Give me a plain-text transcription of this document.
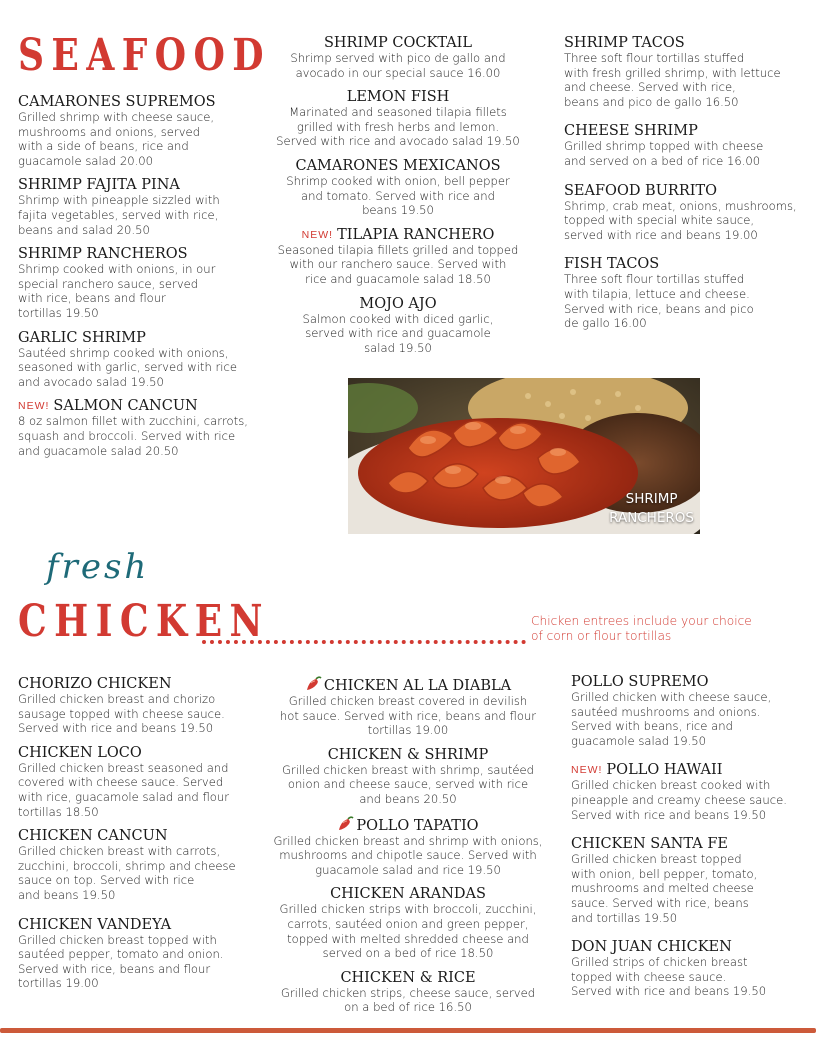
SEAFOOD
CAMARONES SUPREMOS
Grilled shrimp with cheese sauce,
mushrooms and onions, served
with a side of beans, rice and
guacamole salad 20.00
SHRIMP FAJITA PINA
Shrimp with pineapple sizzled with
fajita vegetables, served with rice,
beans and salad 20.50
SHRIMP RANCHEROS
Shrimp cooked with onions, in our
special ranchero sauce, served
with rice, beans and flour
tortillas 19.50
GARLIC SHRIMP
Sautéed shrimp cooked with onions,
seasoned with garlic, served with rice
and avocado salad 19.50
NEW! SALMON CANCUN
8 oz salmon fillet with zucchini, carrots,
squash and broccoli. Served with rice
and guacamole salad 20.50
SHRIMP COCKTAIL
Shrimp served with pico de gallo and
avocado in our special sauce 16.00
LEMON FISH
Marinated and seasoned tilapia fillets
grilled with fresh herbs and lemon.
Served with rice and avocado salad 19.50
CAMARONES MEXICANOS
Shrimp cooked with onion, bell pepper
and tomato. Served with rice and
beans 19.50
NEW! TILAPIA RANCHERO
Seasoned tilapia fillets grilled and topped
with our ranchero sauce. Served with
rice and guacamole salad 18.50
MOJO AJO
Salmon cooked with diced garlic,
served with rice and guacamole
salad 19.50
SHRIMP TACOS
Three soft flour tortillas stuffed
with fresh grilled shrimp, with lettuce
and cheese. Served with rice,
beans and pico de gallo 16.50
CHEESE SHRIMP
Grilled shrimp topped with cheese
and served on a bed of rice 16.00
SEAFOOD BURRITO
Shrimp, crab meat, onions, mushrooms,
topped with special white sauce,
served with rice and beans 19.00
FISH TACOS
Three soft flour tortillas stuffed
with tilapia, lettuce and cheese.
Served with rice, beans and pico
de gallo 16.00
SHRIMP
RANCHEROS
fresh
CHICKEN	Chicken entrees include your choice
of corn or flour tortillas
CHORIZO CHICKEN
Grilled chicken breast and chorizo
sausage topped with cheese sauce.
Served with rice and beans 19.50
CHICKEN LOCO
Grilled chicken breast seasoned and
covered with cheese sauce. Served
with rice, guacamole salad and flour
tortillas 18.50
CHICKEN CANCUN
Grilled chicken breast with carrots,
zucchini, broccoli, shrimp and cheese
sauce on top. Served with rice
and beans 19.50
CHICKEN VANDEYA
Grilled chicken breast topped with
sautéed pepper, tomato and onion.
Served with rice, beans and flour
tortillas 19.00
CHICKEN AL LA DIABLA
Grilled chicken breast covered in devilish
hot sauce. Served with rice, beans and flour
tortillas 19.00
CHICKEN & SHRIMP
Grilled chicken breast with shrimp, sautéed
onion and cheese sauce, served with rice
and beans 20.50
POLLO TAPATIO
Grilled chicken breast and shrimp with onions,
mushrooms and chipotle sauce. Served with
guacamole salad and rice 19.50
CHICKEN ARANDAS
Grilled chicken strips with broccoli, zucchini,
carrots, sautéed onion and green pepper,
topped with melted shredded cheese and
served on a bed of rice 18.50
CHICKEN & RICE
Grilled chicken strips, cheese sauce, served
on a bed of rice 16.50
POLLO SUPREMO
Grilled chicken with cheese sauce,
sautéed mushrooms and onions.
Served with beans, rice and
guacamole salad 19.50
NEW! POLLO HAWAII
Grilled chicken breast cooked with
pineapple and creamy cheese sauce.
Served with rice and beans 19.50
CHICKEN SANTA FE
Grilled chicken breast topped
with onion, bell pepper, tomato,
mushrooms and melted cheese
sauce. Served with rice, beans
and tortillas 19.50
DON JUAN CHICKEN
Grilled strips of chicken breast
topped with cheese sauce.
Served with rice and beans 19.50
